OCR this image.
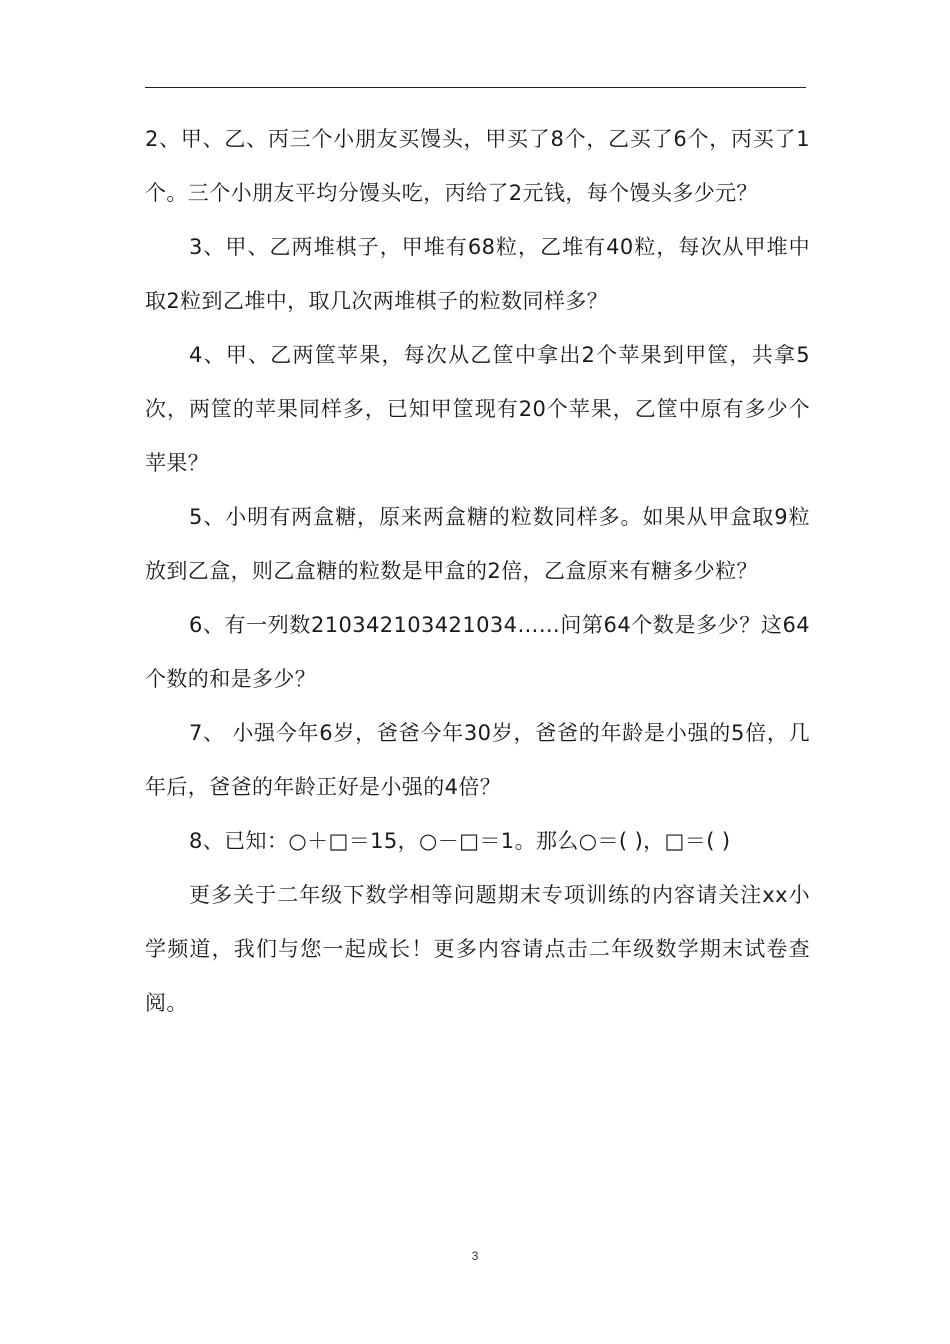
2、甲、乙、丙三个小朋友买馒头，甲买了8个，乙买了6个，丙买了1个。三个小朋友平均分馒头吃，丙给了2元钱，每个馒头多少元？

3、甲、乙两堆棋子，甲堆有68粒，乙堆有40粒，每次从甲堆中取2粒到乙堆中，取几次两堆棋子的粒数同样多？

4、甲、乙两筐苹果，每次从乙筐中拿出2个苹果到甲筐，共拿5次，两筐的苹果同样多，已知甲筐现有20个苹果，乙筐中原有多少个苹果？

5、小明有两盒糖，原来两盒糖的粒数同样多。如果从甲盒取9粒放到乙盒，则乙盒糖的粒数是甲盒的2倍，乙盒原来有糖多少粒？

6、有一列数210342103421034……问第64个数是多少？这64个数的和是多少？

7、 小强今年6岁，爸爸今年30岁，爸爸的年龄是小强的5倍，几年后，爸爸的年龄正好是小强的4倍？

8、已知：○＋□＝15，○－□＝1。那么○＝( )，□＝( )

更多关于二年级下数学相等问题期末专项训练的内容请关注xx小学频道，我们与您一起成长！更多内容请点击二年级数学期末试卷查阅。

3
